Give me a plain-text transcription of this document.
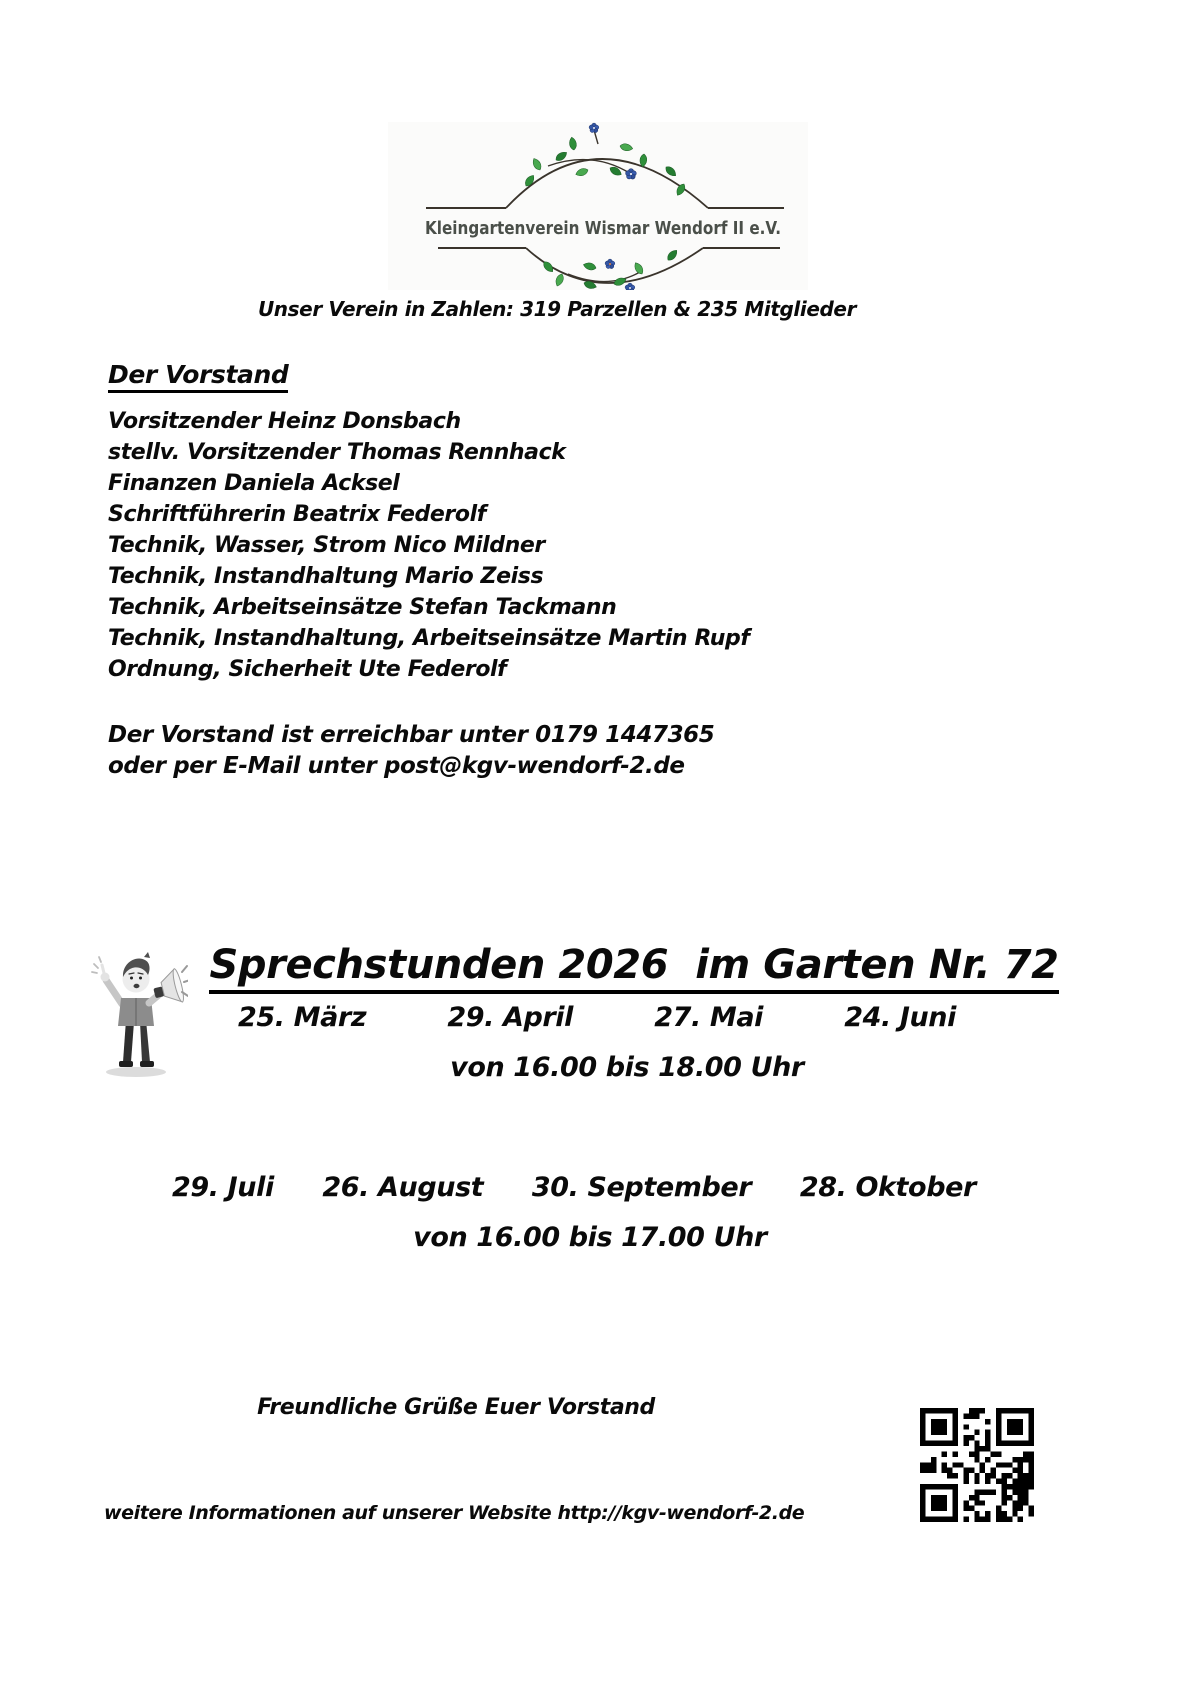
Kleingartenverein Wismar Wendorf II e.V.
Unser Verein in Zahlen: 319 Parzellen & 235 Mitglieder
Der Vorstand
Vorsitzender Heinz Donsbach
stellv. Vorsitzender Thomas Rennhack
Finanzen Daniela Acksel
Schriftführerin Beatrix Federolf
Technik, Wasser, Strom Nico Mildner
Technik, Instandhaltung Mario Zeiss
Technik, Arbeitseinsätze Stefan Tackmann
Technik, Instandhaltung, Arbeitseinsätze Martin Rupf
Ordnung, Sicherheit Ute Federolf
Der Vorstand ist erreichbar unter 0179 1447365
oder per E-Mail unter post@kgv-wendorf-2.de

Sprechstunden 2026  im Garten Nr. 72

25. März	29. April	27. Mai	24. Juni
von 16.00 bis 18.00 Uhr
29. Juli 26. August 30. September 28. Oktober
von 16.00 bis 17.00 Uhr
Freundliche Grüße Euer Vorstand
weitere Informationen auf unserer Website http://kgv-wendorf-2.de
